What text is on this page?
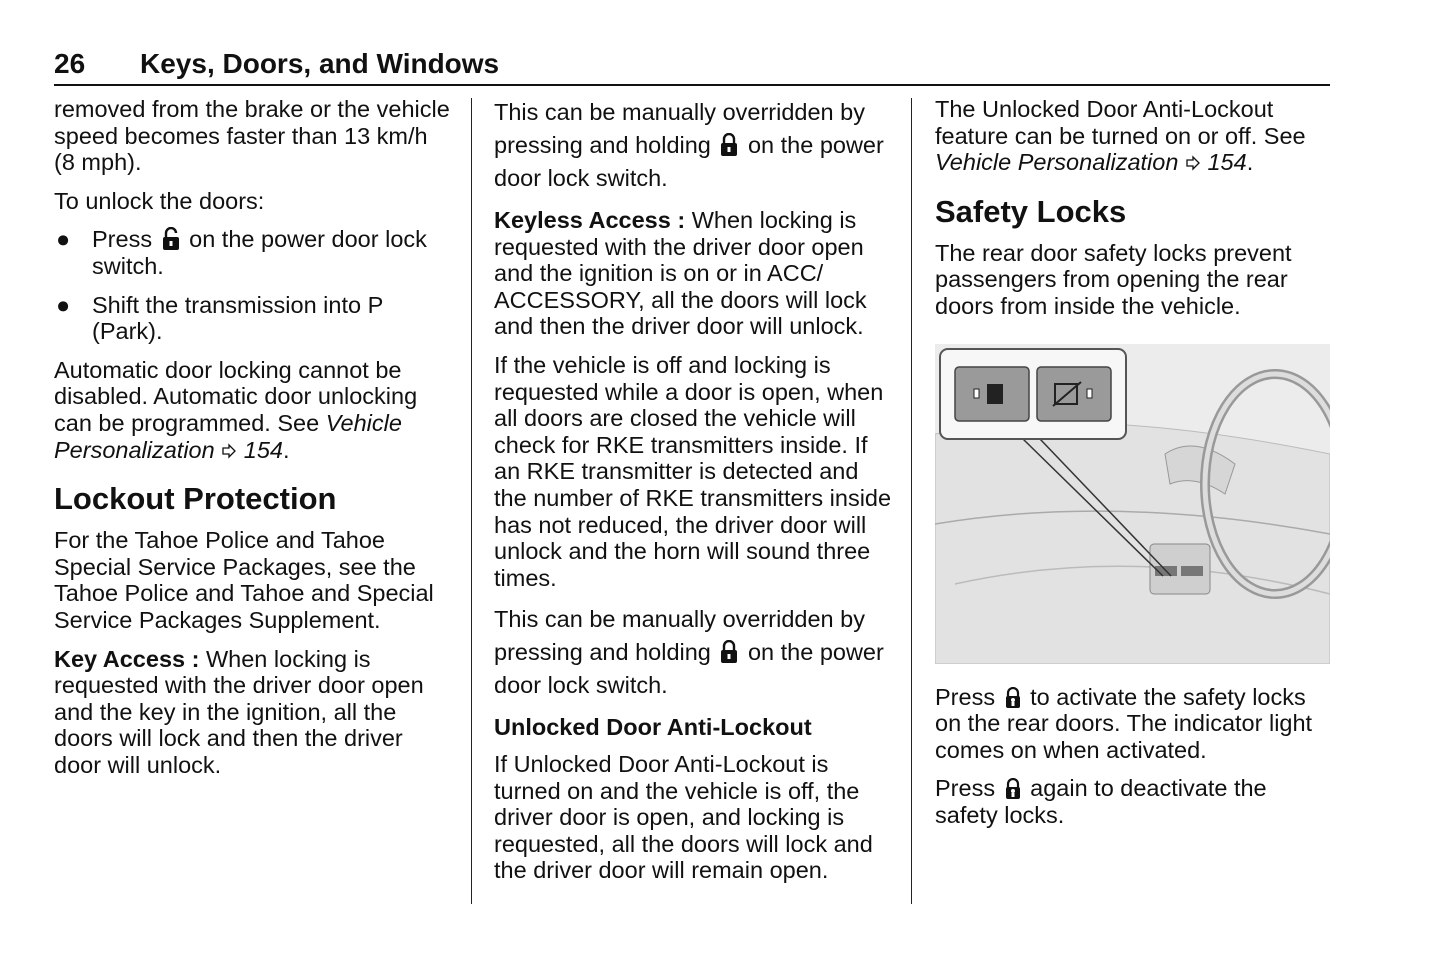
26 Keys, Doors, and Windows

removed from the brake or the vehicle speed becomes faster than 13 km/h (8 mph).

To unlock the doors:

● Press on the power door lock switch.
● Shift the transmission into P (Park).

Automatic door locking cannot be disabled. Automatic door unlocking can be programmed. See Vehicle Personalization 154.

Lockout Protection

For the Tahoe Police and Tahoe Special Service Packages, see the Tahoe Police and Tahoe and Special Service Packages Supplement.

Key Access : When locking is requested with the driver door open and the key in the ignition, all the doors will lock and then the driver door will unlock.

This can be manually overridden by pressing and holding on the power door lock switch.

Keyless Access : When locking is requested with the driver door open and the ignition is on or in ACC/ ACCESSORY, all the doors will lock and then the driver door will unlock.

If the vehicle is off and locking is requested while a door is open, when all doors are closed the vehicle will check for RKE transmitters inside. If an RKE transmitter is detected and the number of RKE transmitters inside has not reduced, the driver door will unlock and the horn will sound three times.

This can be manually overridden by pressing and holding on the power door lock switch.

Unlocked Door Anti-Lockout

If Unlocked Door Anti-Lockout is turned on and the vehicle is off, the driver door is open, and locking is requested, all the doors will lock and the driver door will remain open.

The Unlocked Door Anti-Lockout feature can be turned on or off. See Vehicle Personalization 154.

Safety Locks

The rear door safety locks prevent passengers from opening the rear doors from inside the vehicle.

Press to activate the safety locks on the rear doors. The indicator light comes on when activated.

Press again to deactivate the safety locks.
